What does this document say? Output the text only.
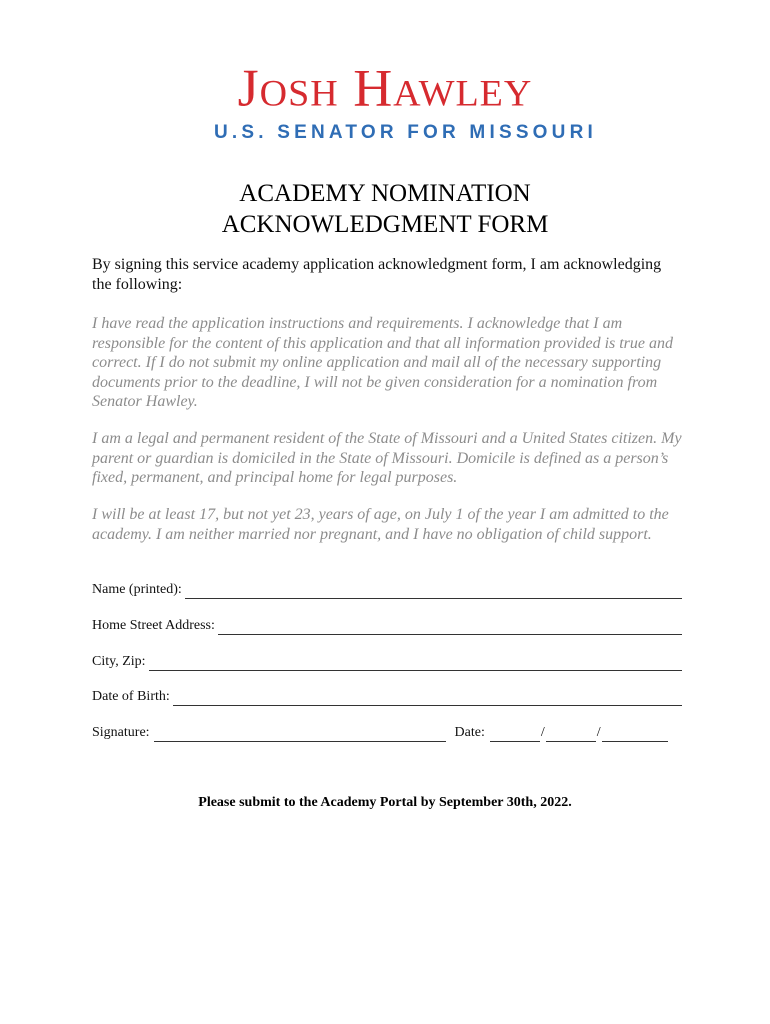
Josh Hawley
U.S. SENATOR FOR MISSOURI
ACADEMY NOMINATION
ACKNOWLEDGMENT FORM
By signing this service academy application acknowledgment form, I am acknowledging the following:
I have read the application instructions and requirements. I acknowledge that I am responsible for the content of this application and that all information provided is true and correct. If I do not submit my online application and mail all of the necessary supporting documents prior to the deadline, I will not be given consideration for a nomination from Senator Hawley.
I am a legal and permanent resident of the State of Missouri and a United States citizen. My parent or guardian is domiciled in the State of Missouri. Domicile is defined as a person’s fixed, permanent, and principal home for legal purposes.
I will be at least 17, but not yet 23, years of age, on July 1 of the year I am admitted to the academy. I am neither married nor pregnant, and I have no obligation of child support.
Name (printed):
Home Street Address:
City, Zip:
Date of Birth:
Signature:	Date:	/	/
Please submit to the Academy Portal by September 30th, 2022.
